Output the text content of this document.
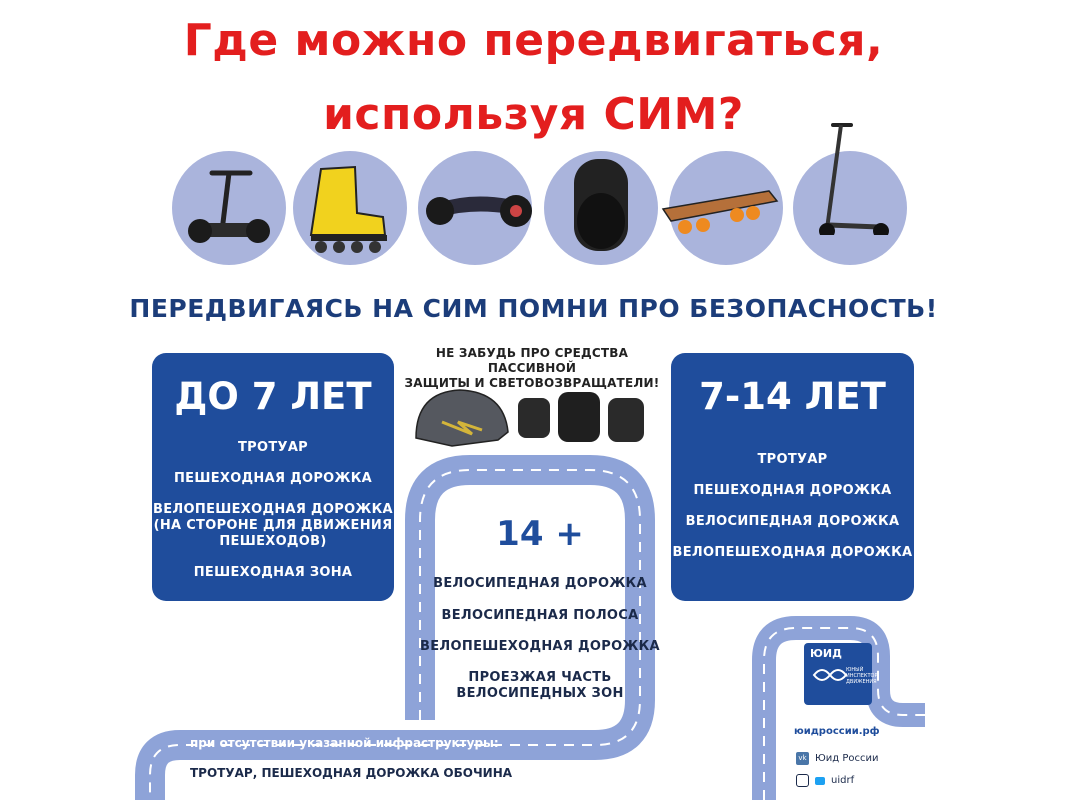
Где можно передвигаться,
используя СИМ?
ПЕРЕДВИГАЯСЬ НА СИМ ПОМНИ ПРО БЕЗОПАСНОСТЬ!
ДО 7 ЛЕТ
ТРОТУАР
ПЕШЕХОДНАЯ ДОРОЖКА
ВЕЛОПЕШЕХОДНАЯ ДОРОЖКА
(НА СТОРОНЕ ДЛЯ ДВИЖЕНИЯ
ПЕШЕХОДОВ)
ПЕШЕХОДНАЯ ЗОНА
НЕ ЗАБУДЬ ПРО СРЕДСТВА ПАССИВНОЙ
ЗАЩИТЫ И СВЕТОВОЗВРАЩАТЕЛИ!
14 +
ВЕЛОСИПЕДНАЯ ДОРОЖКА
ВЕЛОСИПЕДНАЯ ПОЛОСА
ВЕЛОПЕШЕХОДНАЯ ДОРОЖКА
ПРОЕЗЖАЯ ЧАСТЬ
ВЕЛОСИПЕДНЫХ ЗОН
7-14 ЛЕТ
ТРОТУАР
ПЕШЕХОДНАЯ ДОРОЖКА
ВЕЛОСИПЕДНАЯ ДОРОЖКА
ВЕЛОПЕШЕХОДНАЯ ДОРОЖКА
при отсутствии указанной инфраструктуры:
ТРОТУАР, ПЕШЕХОДНАЯ ДОРОЖКА ОБОЧИНА
ЮИД
ЮНЫЙ
ИНСПЕКТОР
ДВИЖЕНИЯ
юидроссии.рф
vk Юид России
uidrf
